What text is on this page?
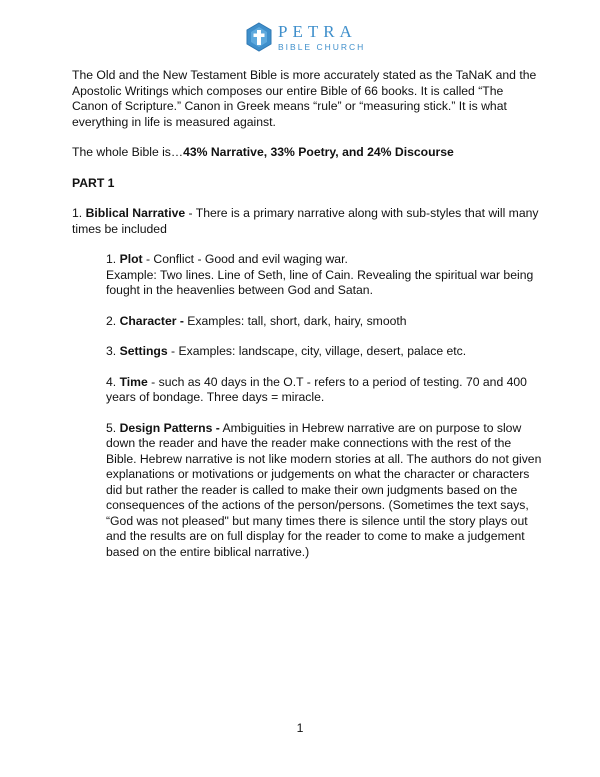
PETRA
BIBLE CHURCH

The Old and the New Testament Bible is more accurately stated as the TaNaK and the Apostolic Writings which composes our entire Bible of 66 books. It is called “The Canon of Scripture.” Canon in Greek means “rule” or “measuring stick.” It is what everything in life is measured against.

The whole Bible is…43% Narrative, 33% Poetry, and 24% Discourse

PART 1

1. Biblical Narrative - There is a primary narrative along with sub-styles that will many times be included

1. Plot - Conflict - Good and evil waging war.
Example: Two lines. Line of Seth, line of Cain. Revealing the spiritual war being fought in the heavenlies between God and Satan.
2. Character - Examples: tall, short, dark, hairy, smooth
3. Settings - Examples: landscape, city, village, desert, palace etc.
4. Time - such as 40 days in the O.T - refers to a period of testing. 70 and 400 years of bondage. Three days = miracle.
5. Design Patterns - Ambiguities in Hebrew narrative are on purpose to slow down the reader and have the reader make connections with the rest of the Bible. Hebrew narrative is not like modern stories at all. The authors do not given explanations or motivations or judgements on what the character or characters did but rather the reader is called to make their own judgments based on the consequences of the actions of the person/persons. (Sometimes the text says, “God was not pleased" but many times there is silence until the story plays out and the results are on full display for the reader to come to make a judgement based on the entire biblical narrative.)
1
